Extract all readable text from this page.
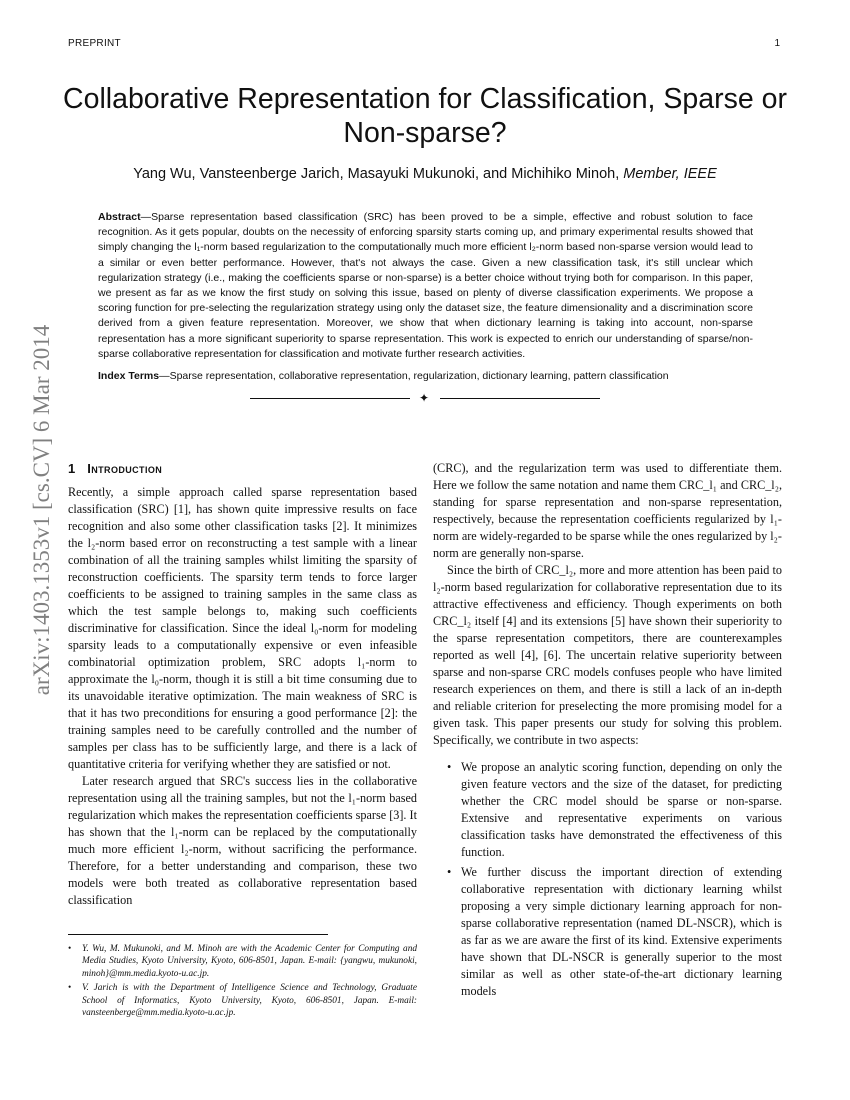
PREPRINT	1
Collaborative Representation for Classification, Sparse or Non-sparse?
Yang Wu, Vansteenberge Jarich, Masayuki Mukunoki, and Michihiko Minoh, Member, IEEE

Abstract—Sparse representation based classification (SRC) has been proved to be a simple, effective and robust solution to face recognition. As it gets popular, doubts on the necessity of enforcing sparsity starts coming up, and primary experimental results showed that simply changing the l₁-norm based regularization to the computationally much more efficient l₂-norm based non-sparse version would lead to a similar or even better performance. However, that's not always the case. Given a new classification task, it's still unclear which regularization strategy (i.e., making the coefficients sparse or non-sparse) is a better choice without trying both for comparison. In this paper, we present as far as we know the first study on solving this issue, based on plenty of diverse classification experiments. We propose a scoring function for pre-selecting the regularization strategy using only the dataset size, the feature dimensionality and a discrimination score derived from a given feature representation. Moreover, we show that when dictionary learning is taking into account, non-sparse representation has a more significant superiority to sparse representation. This work is expected to enrich our understanding of sparse/non-sparse collaborative representation for classification and motivate further research activities.

Index Terms—Sparse representation, collaborative representation, regularization, dictionary learning, pattern classification

✦
arXiv:1403.1353v1 [cs.CV] 6 Mar 2014 1 Introduction

Recently, a simple approach called sparse representation based classification (SRC) [1], has shown quite impressive results on face recognition and also some other classification tasks [2]. It minimizes the l₂-norm based error on reconstructing a test sample with a linear combination of all the training samples whilst limiting the sparsity of reconstruction coefficients. The sparsity term tends to force larger coefficients to be assigned to training samples in the same class as which the test sample belongs to, making such coefficients discriminative for classification. Since the ideal l₀-norm for modeling sparsity leads to a computationally expensive or even infeasible combinatorial optimization problem, SRC adopts l₁-norm to approximate the l₀-norm, though it is still a bit time consuming due to its unavoidable iterative optimization. The main weakness of SRC is that it has two preconditions for ensuring a good performance [2]: the training samples need to be carefully controlled and the number of samples per class has to be sufficiently large, and there is a lack of quantitative criteria for verifying whether they are satisfied or not.

Later research argued that SRC's success lies in the collaborative representation using all the training samples, but not the l₁-norm based regularization which makes the representation coefficients sparse [3]. It has shown that the l₁-norm can be replaced by the computationally much more efficient l₂-norm, without sacrificing the performance. Therefore, for a better understanding and comparison, these two models were both treated as collaborative representation based classification

(CRC), and the regularization term was used to differentiate them. Here we follow the same notation and name them CRC_l₁ and CRC_l₂, standing for sparse representation and non-sparse representation, respectively, because the representation coefficients regularized by l₁-norm are widely-regarded to be sparse while the ones regularized by l₂-norm are generally non-sparse.

Since the birth of CRC_l₂, more and more attention has been paid to l₂-norm based regularization for collaborative representation due to its attractive effectiveness and efficiency. Though experiments on both CRC_l₂ itself [4] and its extensions [5] have shown their superiority to the sparse representation competitors, there are counterexamples reported as well [4], [6]. The uncertain relative superiority between sparse and non-sparse CRC models confuses people who have limited research experiences on them, and there is still a lack of an in-depth and reliable criterion for preselecting the more promising model for a given task. This paper presents our study for solving this problem. Specifically, we contribute in two aspects:

• We propose an analytic scoring function, depending on only the given feature vectors and the size of the dataset, for predicting whether the CRC model should be sparse or non-sparse. Extensive and representative experiments on various classification tasks have demonstrated the effectiveness of this function.
• We further discuss the important direction of extending collaborative representation with dictionary learning whilst proposing a very simple dictionary learning approach for non-sparse collaborative representation (named DL-NSCR), which is as far as we are aware the first of its kind. Extensive experiments have shown that DL-NSCR is generally superior to the most similar as well as other state-of-the-art dictionary learning models
• Y. Wu, M. Mukunoki, and M. Minoh are with the Academic Center for Computing and Media Studies, Kyoto University, Kyoto, 606-8501, Japan. E-mail: {yangwu, mukunoki, minoh}@mm.media.kyoto-u.ac.jp.
• V. Jarich is with the Department of Intelligence Science and Technology, Graduate School of Informatics, Kyoto University, Kyoto, 606-8501, Japan. E-mail: vansteenberge@mm.media.kyoto-u.ac.jp.
